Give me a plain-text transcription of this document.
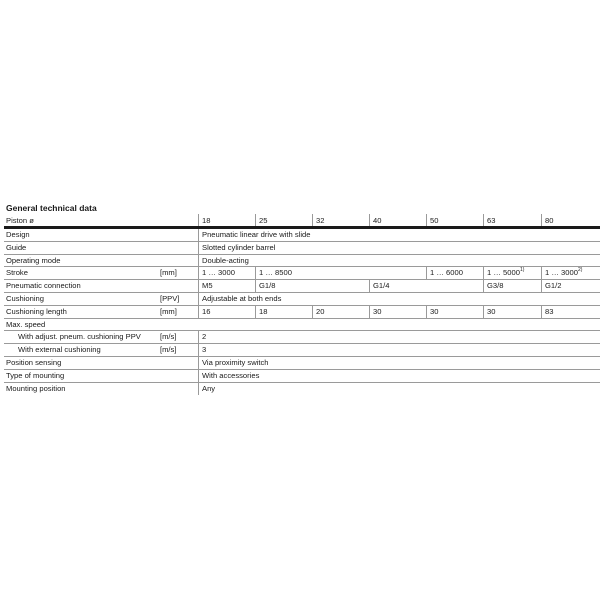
General technical data
Piston ø	18	25	32	40	50	63	80
Design	Pneumatic linear drive with slide
Guide	Slotted cylinder barrel
Operating mode	Double-acting
Stroke	[mm]	1 … 3000	1 … 8500	1 … 6000	1 … 5000$^{1)}$	1 … 3000$^{2)}$
Pneumatic connection	M5	G1/8	G1/4	G3/8	G1/2
Cushioning	[PPV]	Adjustable at both ends
Cushioning length	[mm]	16	18	20	30	30	30	83
Max. speed
With adjust. pneum. cushioning PPV	[m/s]	2
With external cushioning	[m/s]	3
Position sensing	Via proximity switch
Type of mounting	With accessories
Mounting position	Any
